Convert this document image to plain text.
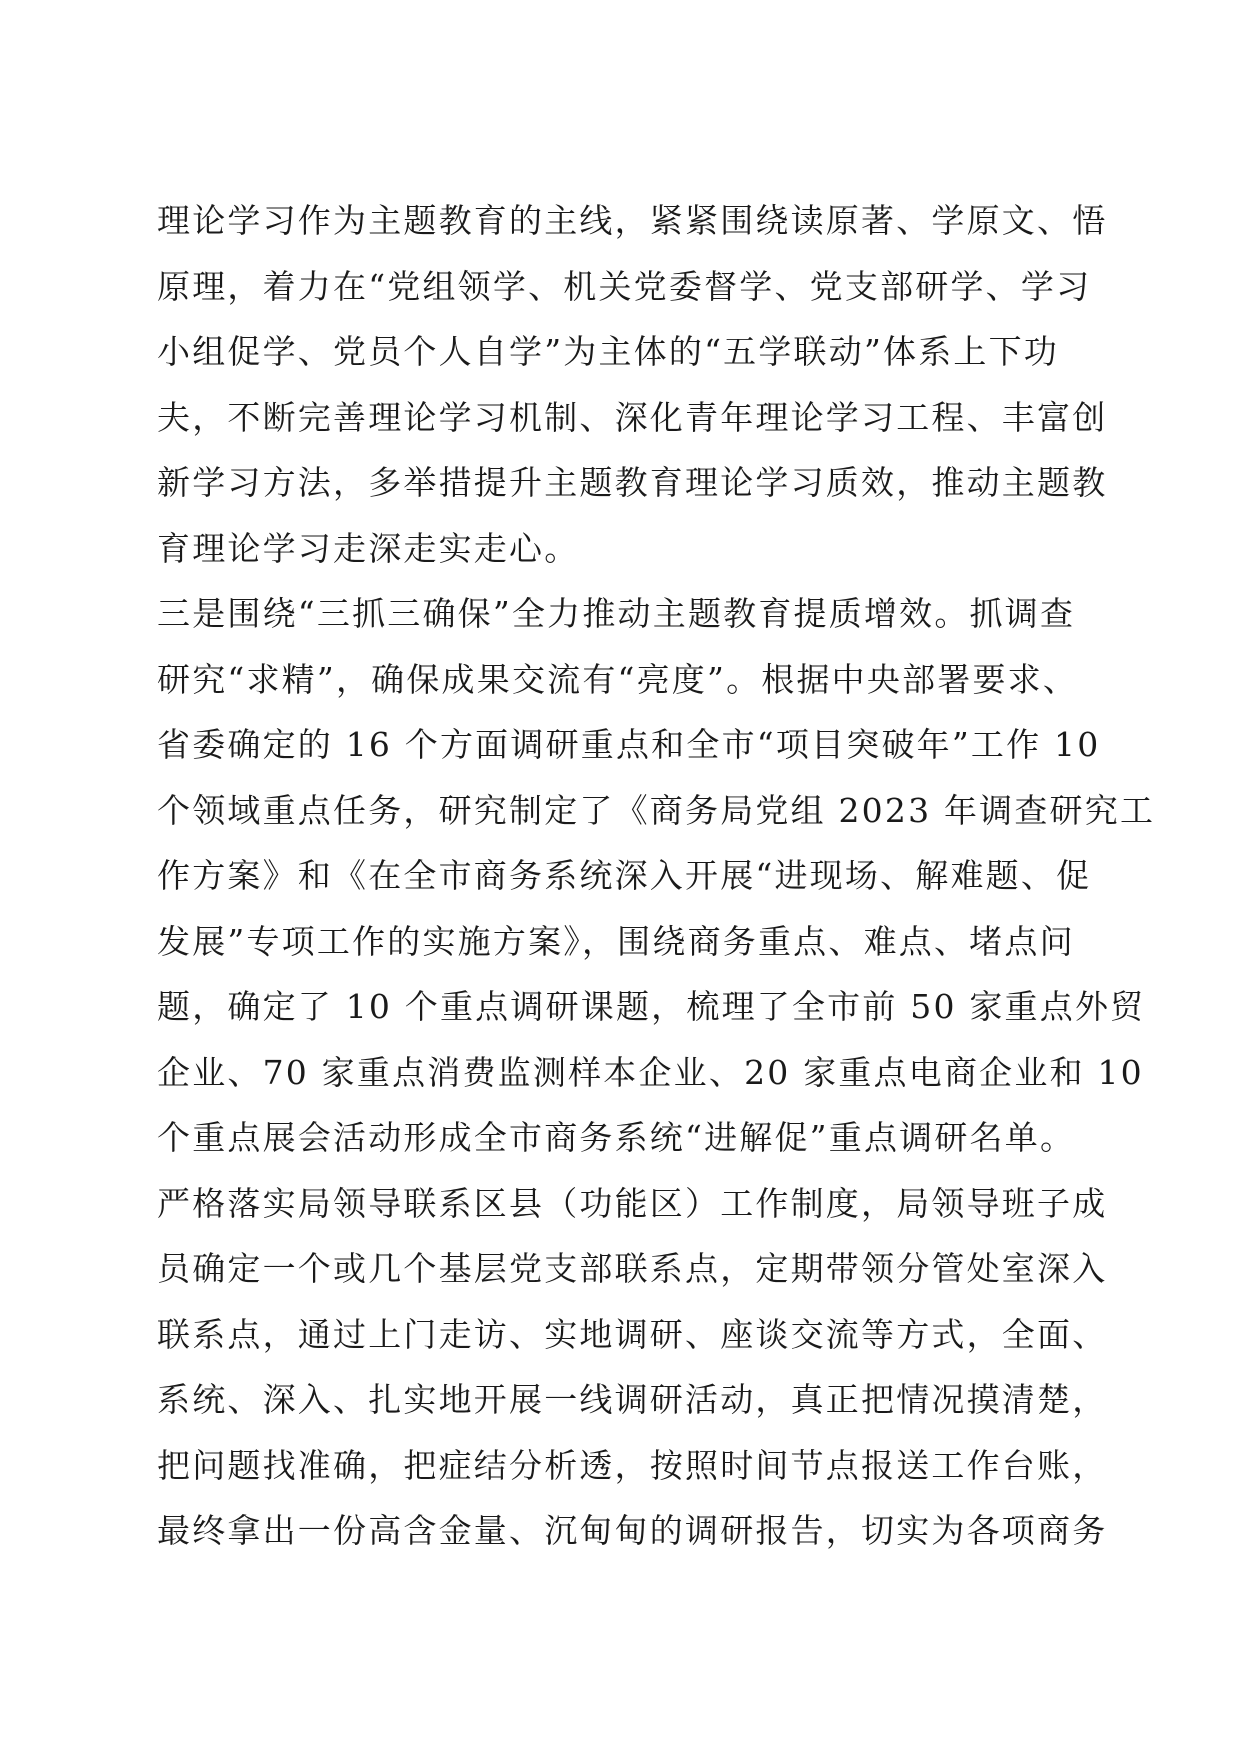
理论学习作为主题教育的主线，紧紧围绕读原著、学原文、悟
原理，着力在“党组领学、机关党委督学、党支部研学、学习
小组促学、党员个人自学”为主体的“五学联动”体系上下功
夫，不断完善理论学习机制、深化青年理论学习工程、丰富创
新学习方法，多举措提升主题教育理论学习质效，推动主题教
育理论学习走深走实走心。
三是围绕“三抓三确保”全力推动主题教育提质增效。抓调查
研究“求精”，确保成果交流有“亮度”。根据中央部署要求、
省委确定的 16 个方面调研重点和全市“项目突破年”工作 10
个领域重点任务，研究制定了《商务局党组 2023 年调查研究工
作方案》和《在全市商务系统深入开展“进现场、解难题、促
发展”专项工作的实施方案》，围绕商务重点、难点、堵点问
题，确定了 10 个重点调研课题，梳理了全市前 50 家重点外贸
企业、70 家重点消费监测样本企业、20 家重点电商企业和 10
个重点展会活动形成全市商务系统“进解促”重点调研名单。
严格落实局领导联系区县（功能区）工作制度，局领导班子成
员确定一个或几个基层党支部联系点，定期带领分管处室深入
联系点，通过上门走访、实地调研、座谈交流等方式，全面、
系统、深入、扎实地开展一线调研活动，真正把情况摸清楚，
把问题找准确，把症结分析透，按照时间节点报送工作台账，
最终拿出一份高含金量、沉甸甸的调研报告，切实为各项商务
